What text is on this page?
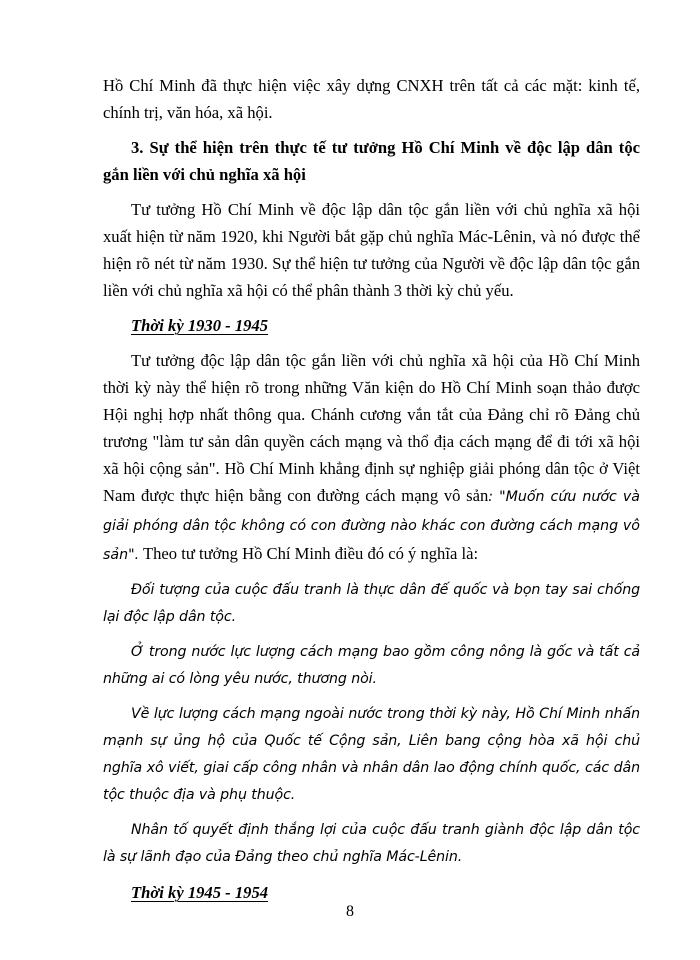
Hồ Chí Minh đã thực hiện việc xây dựng CNXH trên tất cả các mặt: kinh tế, chính trị, văn hóa, xã hội.

3. Sự thể hiện trên thực tế tư tưởng Hồ Chí Minh về độc lập dân tộc gắn liền với chủ nghĩa xã hội

Tư tưởng Hồ Chí Minh về độc lập dân tộc gắn liền với chủ nghĩa xã hội xuất hiện từ năm 1920, khi Người bắt gặp chủ nghĩa Mác-Lênin, và nó được thể hiện rõ nét từ năm 1930. Sự thể hiện tư tưởng của Người về độc lập dân tộc gắn liền với chủ nghĩa xã hội có thể phân thành 3 thời kỳ chủ yếu.

Thời kỳ 1930 - 1945

Tư tưởng độc lập dân tộc gắn liền với chủ nghĩa xã hội của Hồ Chí Minh thời kỳ này thể hiện rõ trong những Văn kiện do Hồ Chí Minh soạn thảo được Hội nghị hợp nhất thông qua. Chánh cương vắn tắt của Đảng chỉ rõ Đảng chủ trương "làm tư sản dân quyền cách mạng và thổ địa cách mạng để đi tới xã hội xã hội cộng sản". Hồ Chí Minh khẳng định sự nghiệp giải phóng dân tộc ở Việt Nam được thực hiện bằng con đường cách mạng vô sản: "Muốn cứu nước và giải phóng dân tộc không có con đường nào khác con đường cách mạng vô sản". Theo tư tưởng Hồ Chí Minh điều đó có ý nghĩa là:

Đối tượng của cuộc đấu tranh là thực dân đế quốc và bọn tay sai chống lại độc lập dân tộc.

Ở trong nước lực lượng cách mạng bao gồm công nông là gốc và tất cả những ai có lòng yêu nước, thương nòi.

Về lực lượng cách mạng ngoài nước trong thời kỳ này, Hồ Chí Minh nhấn mạnh sự ủng hộ của Quốc tế Cộng sản, Liên bang cộng hòa xã hội chủ nghĩa xô viết, giai cấp công nhân và nhân dân lao động chính quốc, các dân tộc thuộc địa và phụ thuộc.

Nhân tố quyết định thắng lợi của cuộc đấu tranh giành độc lập dân tộc là sự lãnh đạo của Đảng theo chủ nghĩa Mác-Lênin.

Thời kỳ 1945 - 1954

8
